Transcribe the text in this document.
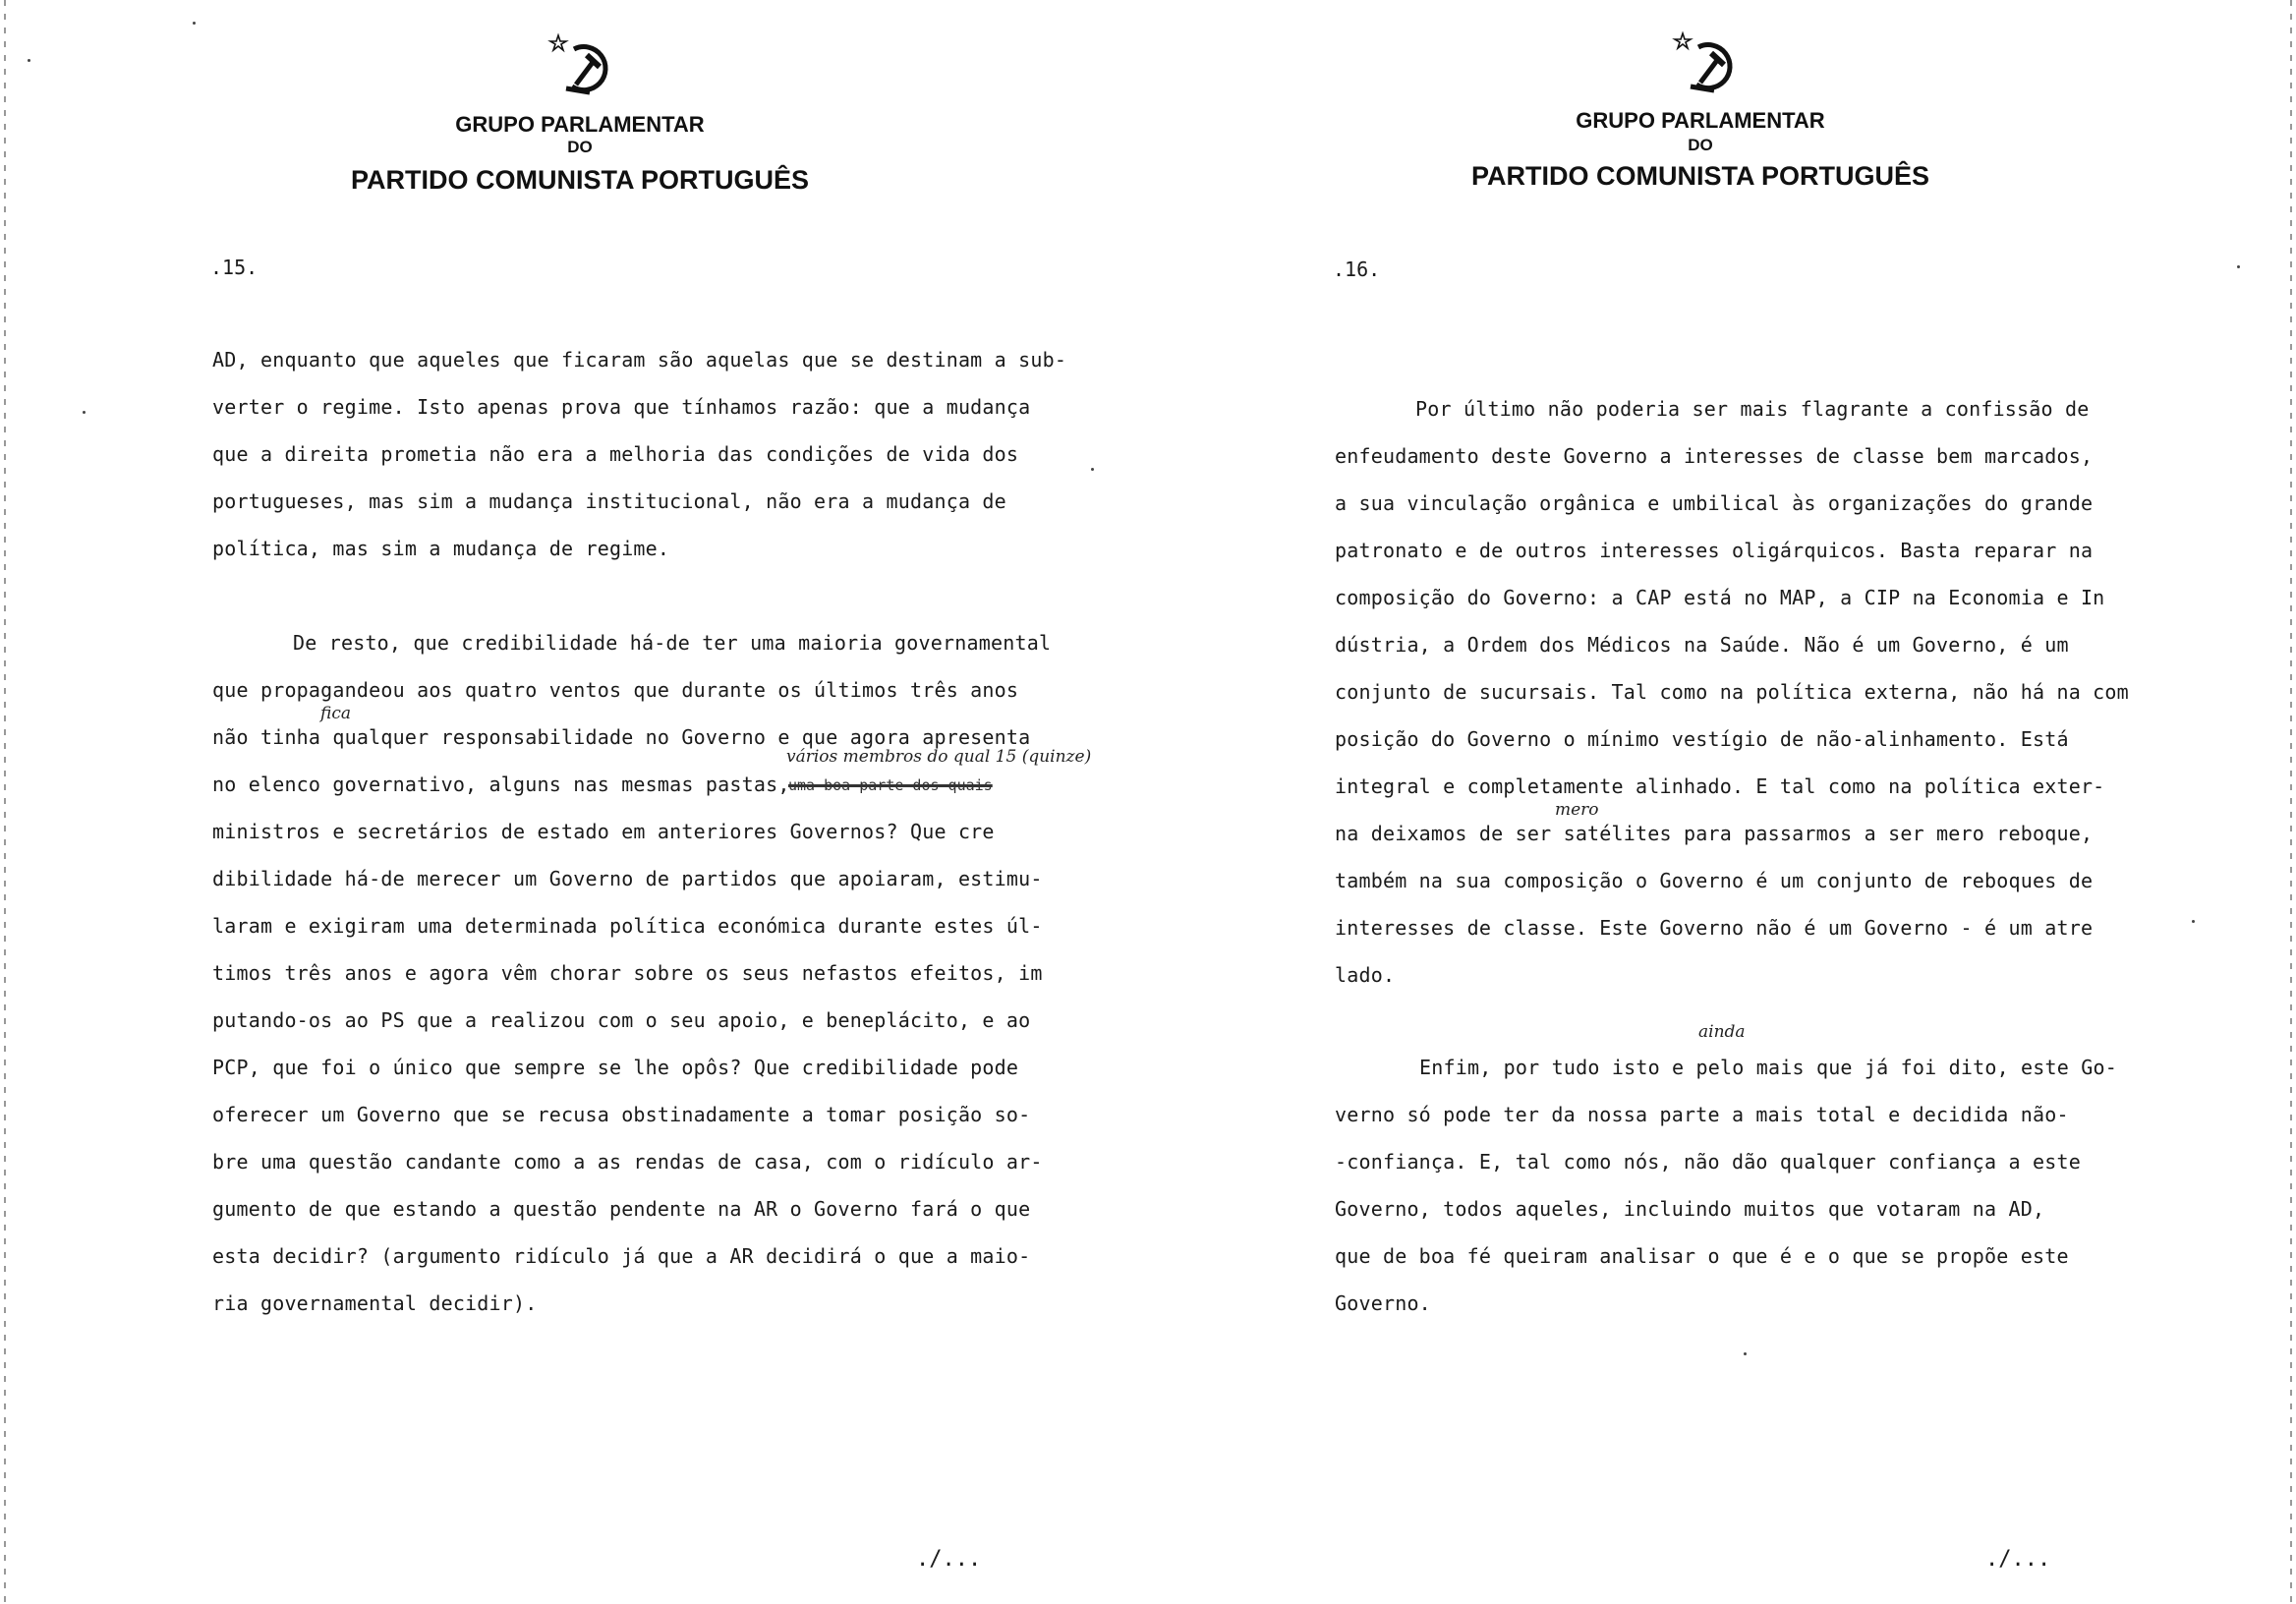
GRUPO PARLAMENTAR
DO
PARTIDO COMUNISTA PORTUGUÊS
.15.
AD, enquanto que aqueles que ficaram são aquelas que se destinam a sub-
verter o regime. Isto apenas prova que tínhamos razão: que a mudança
que a direita prometia não era a melhoria das condições de vida dos
portugueses, mas sim a mudança institucional, não era a mudança de
política, mas sim a mudança de regime.
De resto, que credibilidade há-de ter uma maioria governamental
que propagandeou aos quatro ventos que durante os últimos três anos
não tinha qualquer responsabilidade no Governo e que agora apresenta
fica
no elenco governativo, alguns nas mesmas pastas,
uma boa parte dos quais
vários membros do qual 15 (quinze)
ministros e secretários de estado em anteriores Governos? Que cre
dibilidade há-de merecer um Governo de partidos que apoiaram, estimu-
laram e exigiram uma determinada política económica durante estes úl-
timos três anos e agora vêm chorar sobre os seus nefastos efeitos, im
putando-os ao PS que a realizou com o seu apoio, e beneplácito, e ao
PCP, que foi o único que sempre se lhe opôs? Que credibilidade pode
oferecer um Governo que se recusa obstinadamente a tomar posição so-
bre uma questão candante como a as rendas de casa, com o ridículo ar-
gumento de que estando a questão pendente na AR o Governo fará o que
esta decidir? (argumento ridículo já que a AR decidirá o que a maio-
ria governamental decidir).
./...
GRUPO PARLAMENTAR
DO
PARTIDO COMUNISTA PORTUGUÊS
.16.
Por último não poderia ser mais flagrante a confissão de
enfeudamento deste Governo a interesses de classe bem marcados,
a sua vinculação orgânica e umbilical às organizações do grande
patronato e de outros interesses oligárquicos. Basta reparar na
composição do Governo: a CAP está no MAP, a CIP na Economia e In
dústria, a Ordem dos Médicos na Saúde. Não é um Governo, é um
conjunto de sucursais. Tal como na política externa, não há na com
posição do Governo o mínimo vestígio de não-alinhamento. Está
integral e completamente alinhado. E tal como na política exter-
mero
na deixamos de ser satélites para passarmos a ser mero reboque,
também na sua composição o Governo é um conjunto de reboques de
interesses de classe. Este Governo não é um Governo - é um atre
lado.
ainda
Enfim, por tudo isto e pelo mais que já foi dito, este Go-
verno só pode ter da nossa parte a mais total e decidida não-
-confiança. E, tal como nós, não dão qualquer confiança a este
Governo, todos aqueles, incluindo muitos que votaram na AD,
que de boa fé queiram analisar o que é e o que se propõe este
Governo.
./...
